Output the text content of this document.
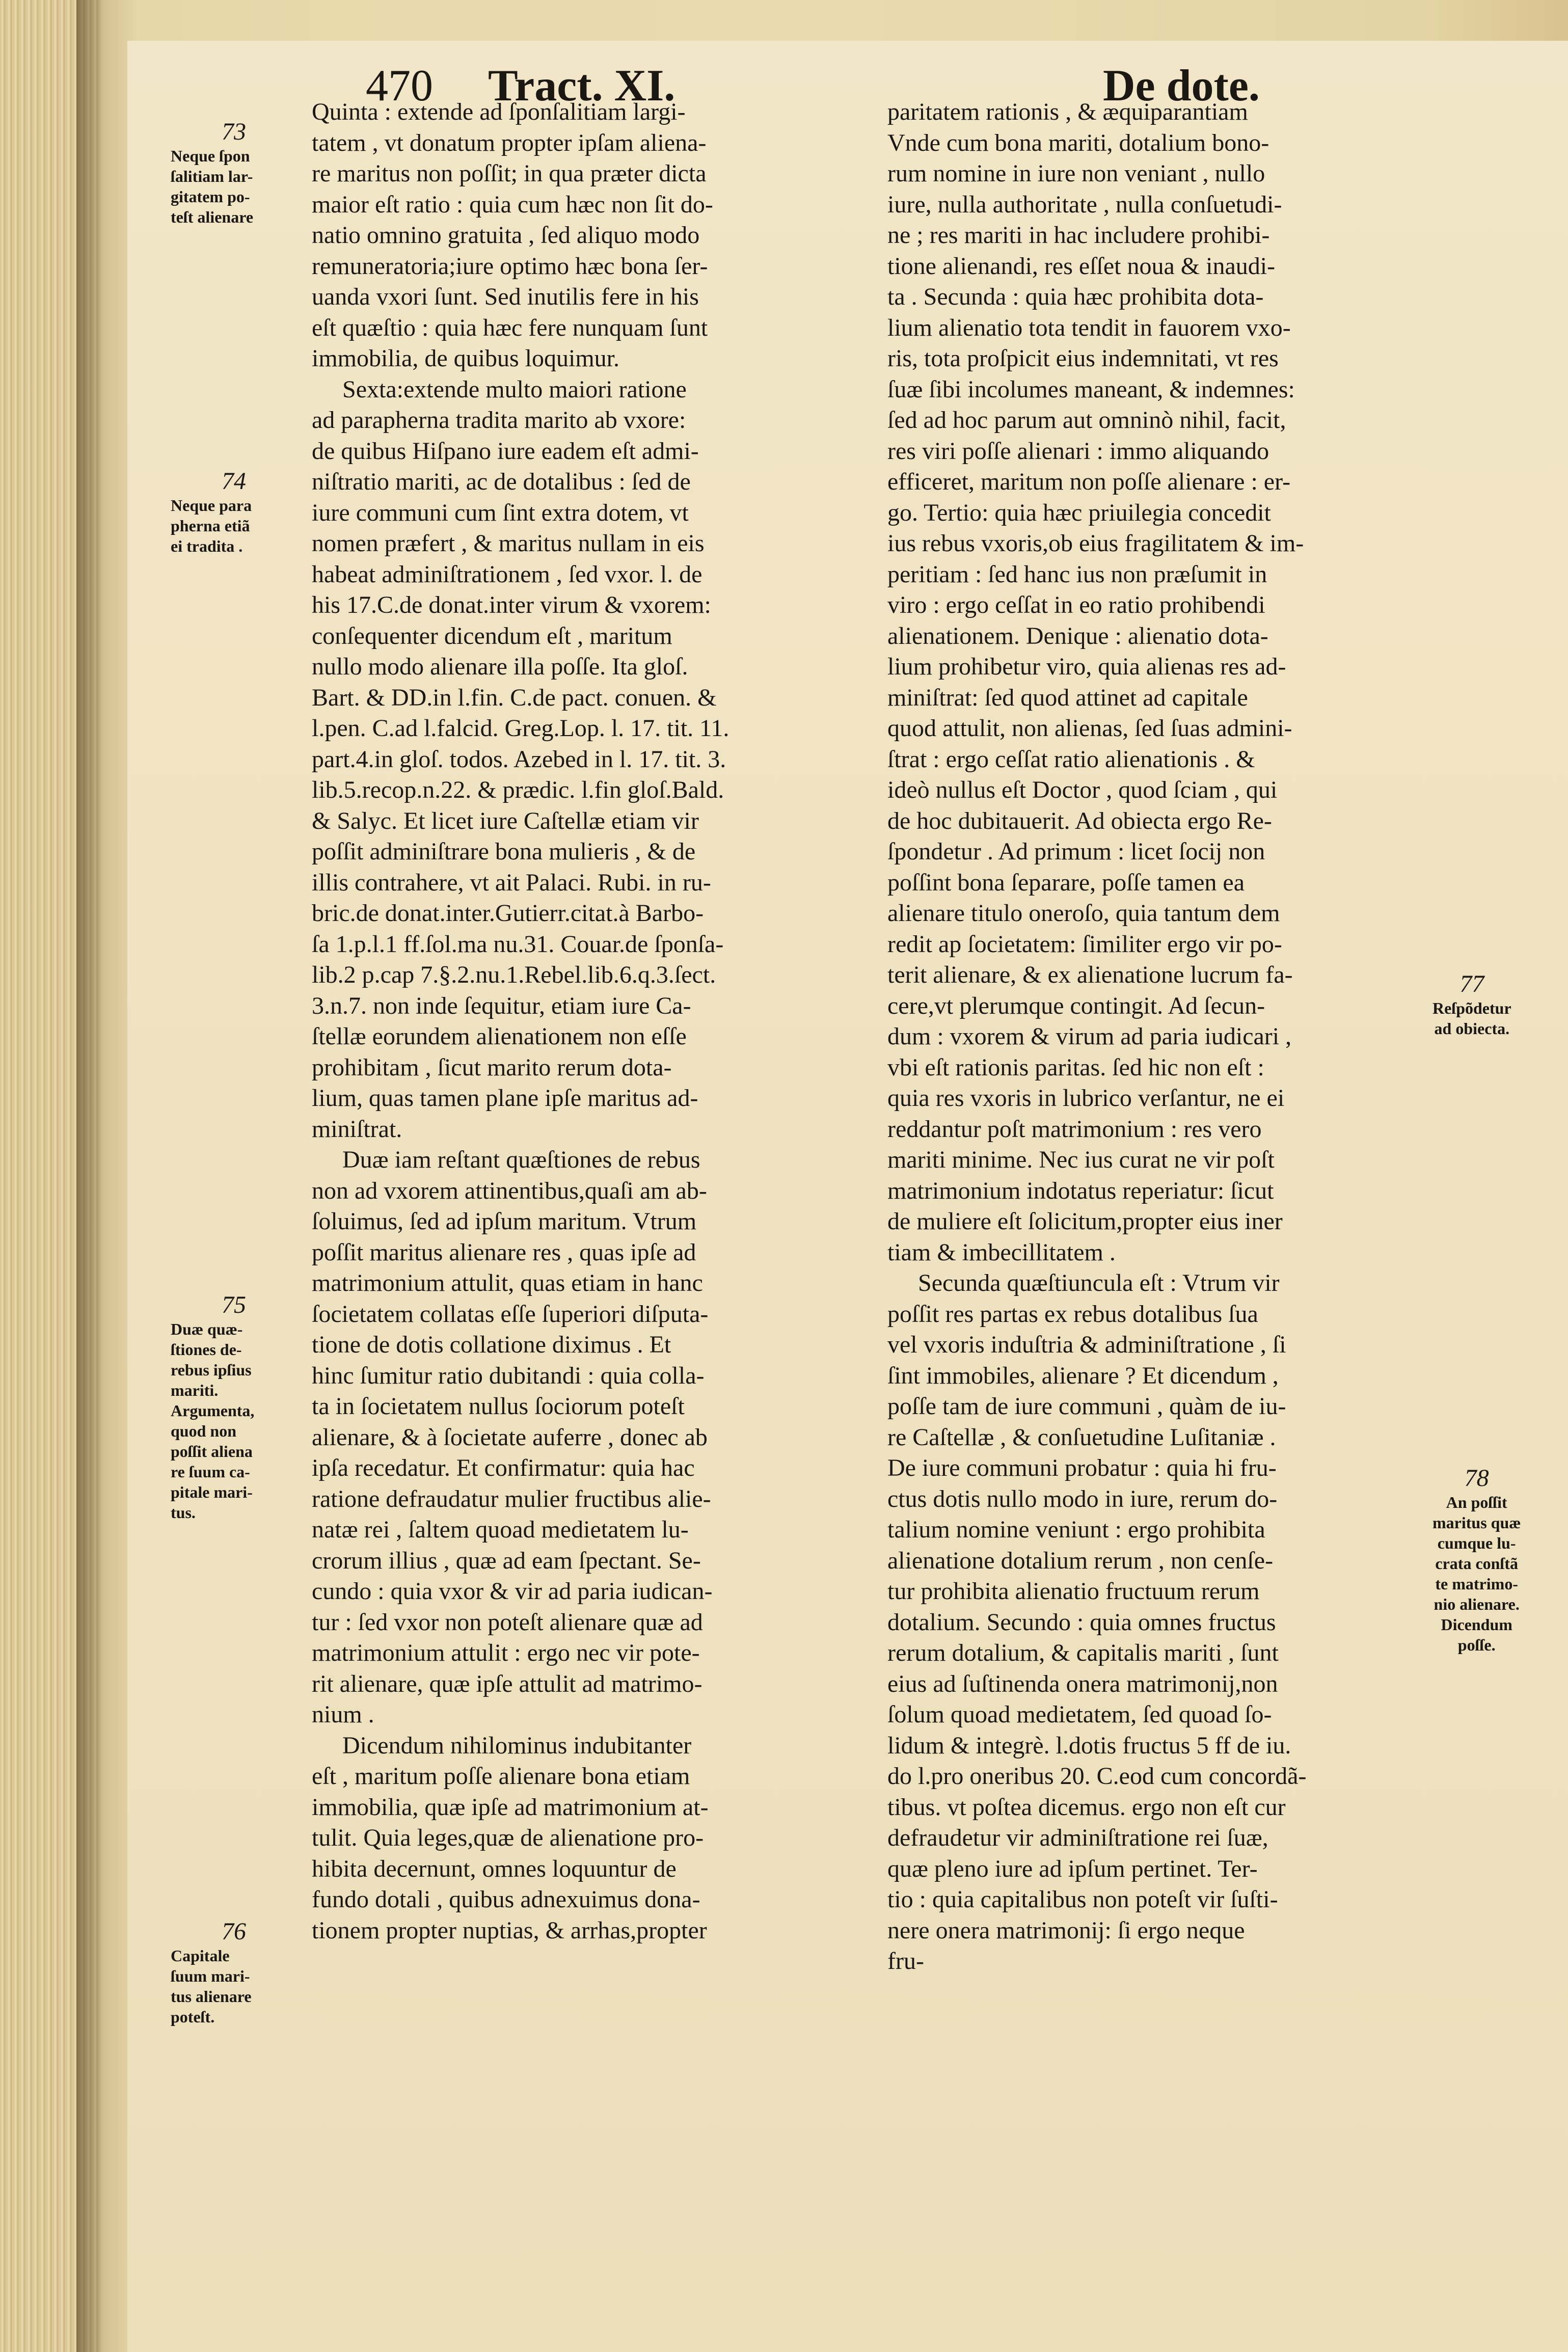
470 Tract. XI.	De dote.
Quinta : extende ad ſponſalitiam largi-
tatem , vt donatum propter ipſam aliena-
re maritus non poſſit; in qua præter dicta
maior eſt ratio : quia cum hæc non ſit do-
natio omnino gratuita , ſed aliquo modo
remuneratoria;iure optimo hæc bona ſer-
uanda vxori ſunt. Sed inutilis fere in his
eſt quæſtio : quia hæc fere nunquam ſunt
immobilia, de quibus loquimur.
Sexta:extende multo maiori ratione
ad parapherna tradita marito ab vxore:
de quibus Hiſpano iure eadem eſt admi-
niſtratio mariti, ac de dotalibus : ſed de
iure communi cum ſint extra dotem, vt
nomen præfert , & maritus nullam in eis
habeat adminiſtrationem , ſed vxor. l. de
his 17.C.de donat.inter virum & vxorem:
conſequenter dicendum eſt , maritum
nullo modo alienare illa poſſe. Ita gloſ.
Bart. & DD.in l.fin. C.de pact. conuen. &
l.pen. C.ad l.falcid. Greg.Lop. l. 17. tit. 11.
part.4.in gloſ. todos. Azebed in l. 17. tit. 3.
lib.5.recop.n.22. & prædic. l.fin gloſ.Bald.
& Salyc. Et licet iure Caſtellæ etiam vir
poſſit adminiſtrare bona mulieris , & de
illis contrahere, vt ait Palaci. Rubi. in ru-
bric.de donat.inter.Gutierr.citat.à Barbo-
ſa 1.p.l.1 ff.ſol.ma nu.31. Couar.de ſponſa-
lib.2 p.cap 7.§.2.nu.1.Rebel.lib.6.q.3.ſect.
3.n.7. non inde ſequitur, etiam iure Ca-
ſtellæ eorundem alienationem non eſſe
prohibitam , ſicut marito rerum dota-
lium, quas tamen plane ipſe maritus ad-
miniſtrat.
Duæ iam reſtant quæſtiones de rebus
non ad vxorem attinentibus,quaſi am ab-
ſoluimus, ſed ad ipſum maritum. Vtrum
poſſit maritus alienare res , quas ipſe ad
matrimonium attulit, quas etiam in hanc
ſocietatem collatas eſſe ſuperiori diſputa-
tione de dotis collatione diximus . Et
hinc ſumitur ratio dubitandi : quia colla-
ta in ſocietatem nullus ſociorum poteſt
alienare, & à ſocietate auferre , donec ab
ipſa recedatur. Et confirmatur: quia hac
ratione defraudatur mulier fructibus alie-
natæ rei , ſaltem quoad medietatem lu-
crorum illius , quæ ad eam ſpectant. Se-
cundo : quia vxor & vir ad paria iudican-
tur : ſed vxor non poteſt alienare quæ ad
matrimonium attulit : ergo nec vir pote-
rit alienare, quæ ipſe attulit ad matrimo-
nium .
Dicendum nihilominus indubitanter
eſt , maritum poſſe alienare bona etiam
immobilia, quæ ipſe ad matrimonium at-
tulit. Quia leges,quæ de alienatione pro-
hibita decernunt, omnes loquuntur de
fundo dotali , quibus adnexuimus dona-
tionem propter nuptias, & arrhas,propter
paritatem rationis , & æquiparantiam
Vnde cum bona mariti, dotalium bono-
rum nomine in iure non veniant , nullo
iure, nulla authoritate , nulla conſuetudi-
ne ; res mariti in hac includere prohibi-
tione alienandi, res eſſet noua & inaudi-
ta . Secunda : quia hæc prohibita dota-
lium alienatio tota tendit in fauorem vxo-
ris, tota proſpicit eius indemnitati, vt res
ſuæ ſibi incolumes maneant, & indemnes:
ſed ad hoc parum aut omninò nihil, facit,
res viri poſſe alienari : immo aliquando
efficeret, maritum non poſſe alienare : er-
go. Tertio: quia hæc priuilegia concedit
ius rebus vxoris,ob eius fragilitatem & im-
peritiam : ſed hanc ius non præſumit in
viro : ergo ceſſat in eo ratio prohibendi
alienationem. Denique : alienatio dota-
lium prohibetur viro, quia alienas res ad-
miniſtrat: ſed quod attinet ad capitale
quod attulit, non alienas, ſed ſuas admini-
ſtrat : ergo ceſſat ratio alienationis . &
ideò nullus eſt Doctor , quod ſciam , qui
de hoc dubitauerit. Ad obiecta ergo Re-
ſpondetur . Ad primum : licet ſocij non
poſſint bona ſeparare, poſſe tamen ea
alienare titulo oneroſo, quia tantum dem
redit ap ſocietatem: ſimiliter ergo vir po-
terit alienare, & ex alienatione lucrum fa-
cere,vt plerumque contingit. Ad ſecun-
dum : vxorem & virum ad paria iudicari ,
vbi eſt rationis paritas. ſed hic non eſt :
quia res vxoris in lubrico verſantur, ne ei
reddantur poſt matrimonium : res vero
mariti minime. Nec ius curat ne vir poſt
matrimonium indotatus reperiatur: ſicut
de muliere eſt ſolicitum,propter eius iner
tiam & imbecillitatem .
Secunda quæſtiuncula eſt : Vtrum vir
poſſit res partas ex rebus dotalibus ſua
vel vxoris induſtria & adminiſtratione , ſi
ſint immobiles, alienare ? Et dicendum ,
poſſe tam de iure communi , quàm de iu-
re Caſtellæ , & conſuetudine Luſitaniæ .
De iure communi probatur : quia hi fru-
ctus dotis nullo modo in iure, rerum do-
talium nomine veniunt : ergo prohibita
alienatione dotalium rerum , non cenſe-
tur prohibita alienatio fructuum rerum
dotalium. Secundo : quia omnes fructus
rerum dotalium, & capitalis mariti , ſunt
eius ad ſuſtinenda onera matrimonij,non
ſolum quoad medietatem, ſed quoad ſo-
lidum & integrè. l.dotis fructus 5 ff de iu.
do l.pro oneribus 20. C.eod cum concordã-
tibus. vt poſtea dicemus. ergo non eſt cur
defraudetur vir adminiſtratione rei ſuæ,
quæ pleno iure ad ipſum pertinet. Ter-
tio : quia capitalibus non poteſt vir ſuſti-
nere onera matrimonij: ſi ergo neque
fru-
73
Neque ſpon
ſalitiam lar-
gitatem po-
teſt alienare
74
Neque para
pherna etiã
ei tradita .
75
Duæ quæ-
ſtiones de-
rebus ipſius
mariti.
Argumenta,
quod non
poſſit aliena
re ſuum ca-
pitale mari-
tus.
76
Capitale
ſuum mari-
tus alienare
poteſt.
77
Reſpõdetur
ad obiecta.
78
An poſſit
maritus quæ
cumque lu-
crata conſtã
te matrimo-
nio alienare.
Dicendum
poſſe.
